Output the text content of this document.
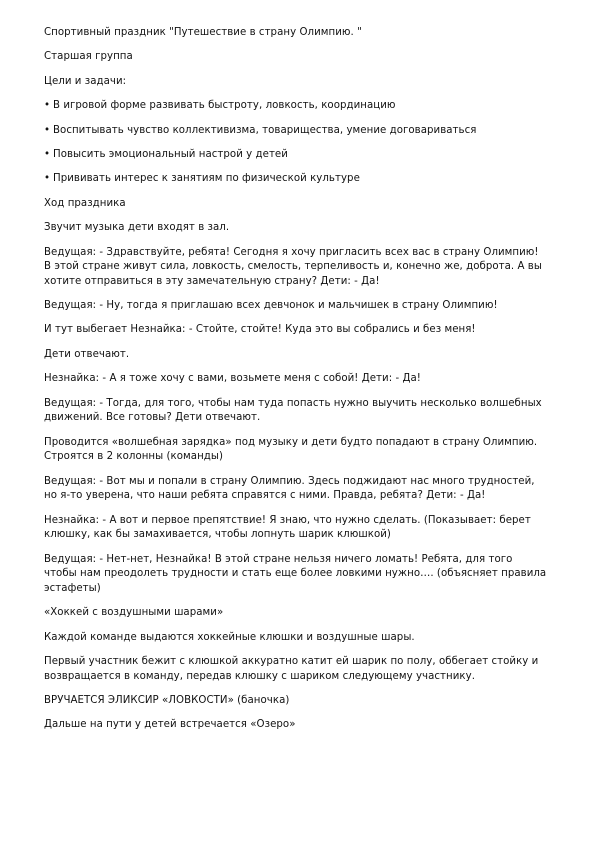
Спортивный праздник "Путешествие в страну Олимпию. "

Старшая группа

Цели и задачи:

• В игровой форме развивать быстроту, ловкость, координацию
• Воспитывать чувство коллективизма, товарищества, умение договариваться
• Повысить эмоциональный настрой у детей
• Прививать интерес к занятиям по физической культуре

Ход праздника

Звучит музыка дети входят в зал.

Ведущая: - Здравствуйте, ребята! Сегодня я хочу пригласить всех вас в страну Олимпию! В этой стране живут сила, ловкость, смелость, терпеливость и, конечно же, доброта. А вы хотите отправиться в эту замечательную страну? Дети: - Да!

Ведущая: - Ну, тогда я приглашаю всех девчонок и мальчишек в страну Олимпию!

И тут выбегает Незнайка: - Стойте, стойте! Куда это вы собрались и без меня!

Дети отвечают.

Незнайка: - А я тоже хочу с вами, возьмете меня с собой! Дети: - Да!

Ведущая: - Тогда, для того, чтобы нам туда попасть нужно выучить несколько волшебных движений. Все готовы? Дети отвечают.

Проводится «волшебная зарядка» под музыку и дети будто попадают в страну Олимпию. Строятся в 2 колонны (команды)

Ведущая: - Вот мы и попали в страну Олимпию. Здесь поджидают нас много трудностей, но я-то уверена, что наши ребята справятся с ними. Правда, ребята? Дети: - Да!

Незнайка: - А вот и первое препятствие! Я знаю, что нужно сделать. (Показывает: берет клюшку, как бы замахивается, чтобы лопнуть шарик клюшкой)

Ведущая: - Нет-нет, Незнайка! В этой стране нельзя ничего ломать! Ребята, для того чтобы нам преодолеть трудности и стать еще более ловкими нужно…. (объясняет правила эстафеты)

«Хоккей с воздушными шарами»

Каждой команде выдаются хоккейные клюшки и воздушные шары.

Первый участник бежит с клюшкой аккуратно катит ей шарик по полу, оббегает стойку и возвращается в команду, передав клюшку с шариком следующему участнику.

ВРУЧАЕТСЯ ЭЛИКСИР «ЛОВКОСТИ» (баночка)

Дальше на пути у детей встречается «Озеро»
